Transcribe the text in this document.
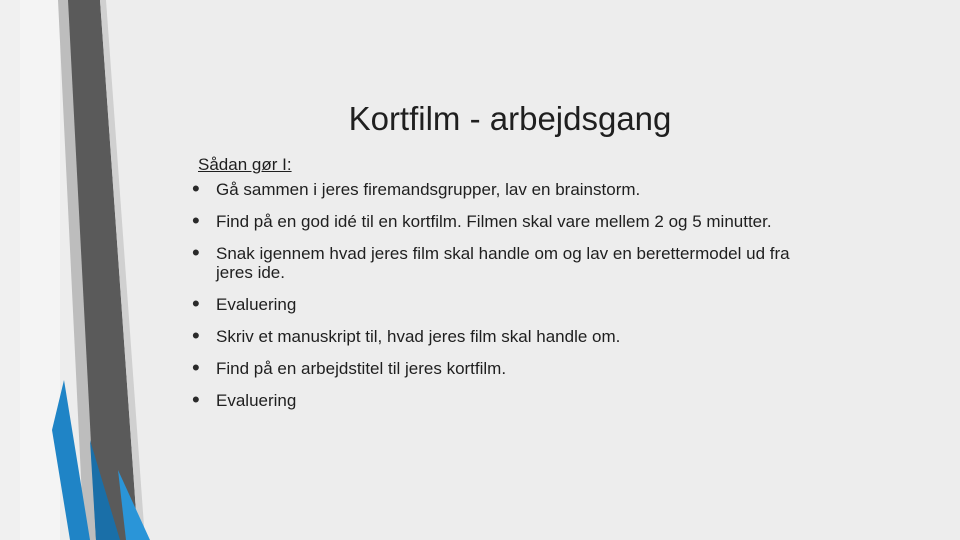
Kortfilm - arbejdsgang
Sådan gør I:
• Gå sammen i jeres firemandsgrupper, lav en brainstorm.
• Find på en god idé til en kortfilm. Filmen skal vare mellem 2 og 5 minutter.
• Snak igennem hvad jeres film skal handle om og lav en berettermodel ud fra jeres ide.
• Evaluering
• Skriv et manuskript til, hvad jeres film skal handle om.
• Find på en arbejdstitel til jeres kortfilm.
• Evaluering
